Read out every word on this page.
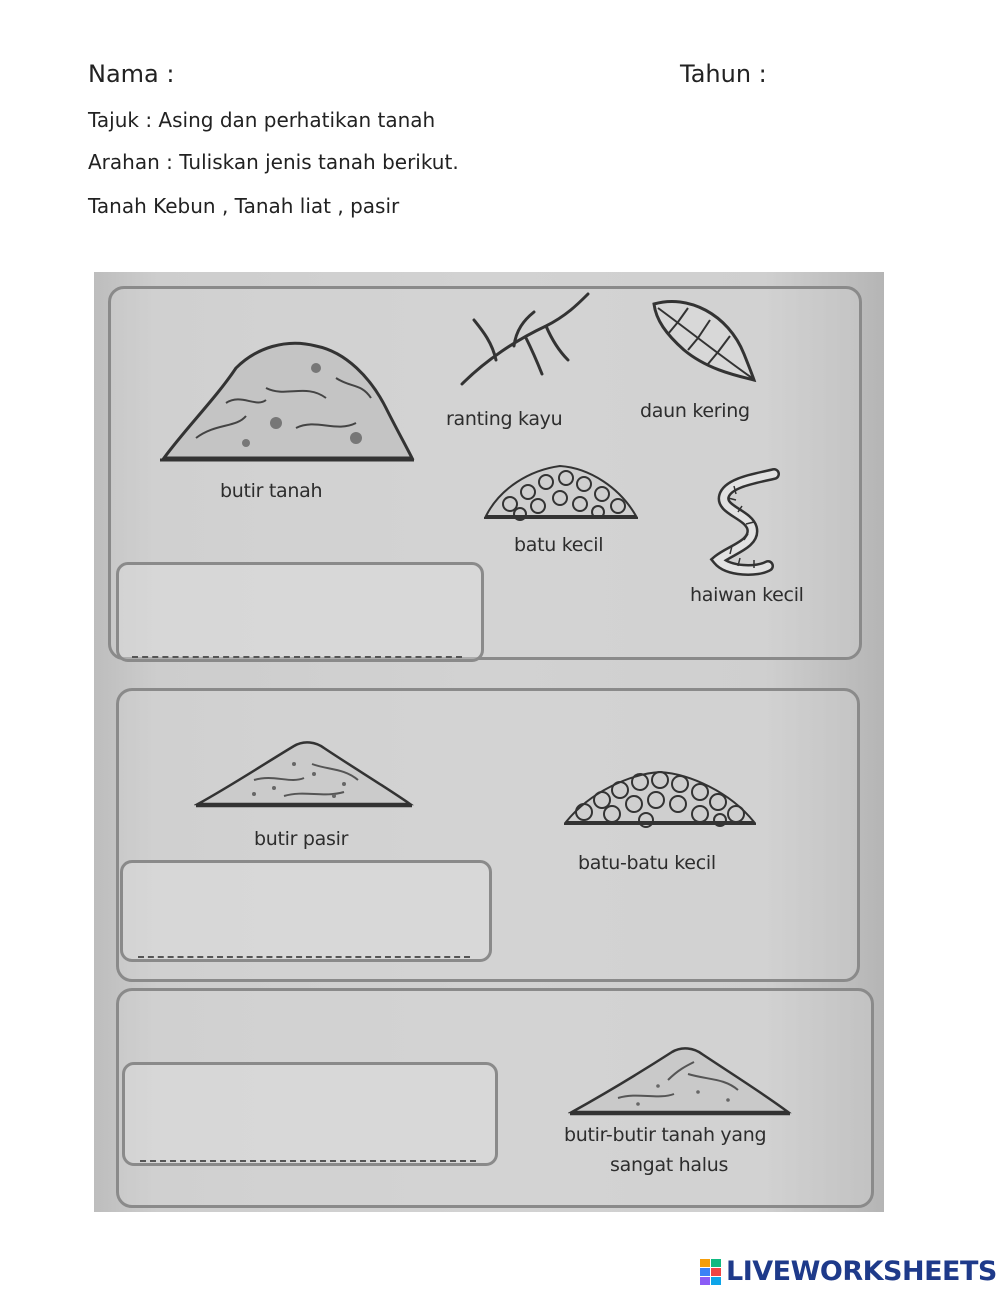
Nama :	Tahun :
Tajuk : Asing dan perhatikan tanah
Arahan : Tuliskan jenis tanah berikut.
Tanah Kebun , Tanah liat , pasir
butir tanah
ranting kayu	daun kering
batu kecil
haiwan kecil
butir pasir
batu-batu kecil
butir-butir tanah yang
sangat halus
LIVEWORKSHEETS
